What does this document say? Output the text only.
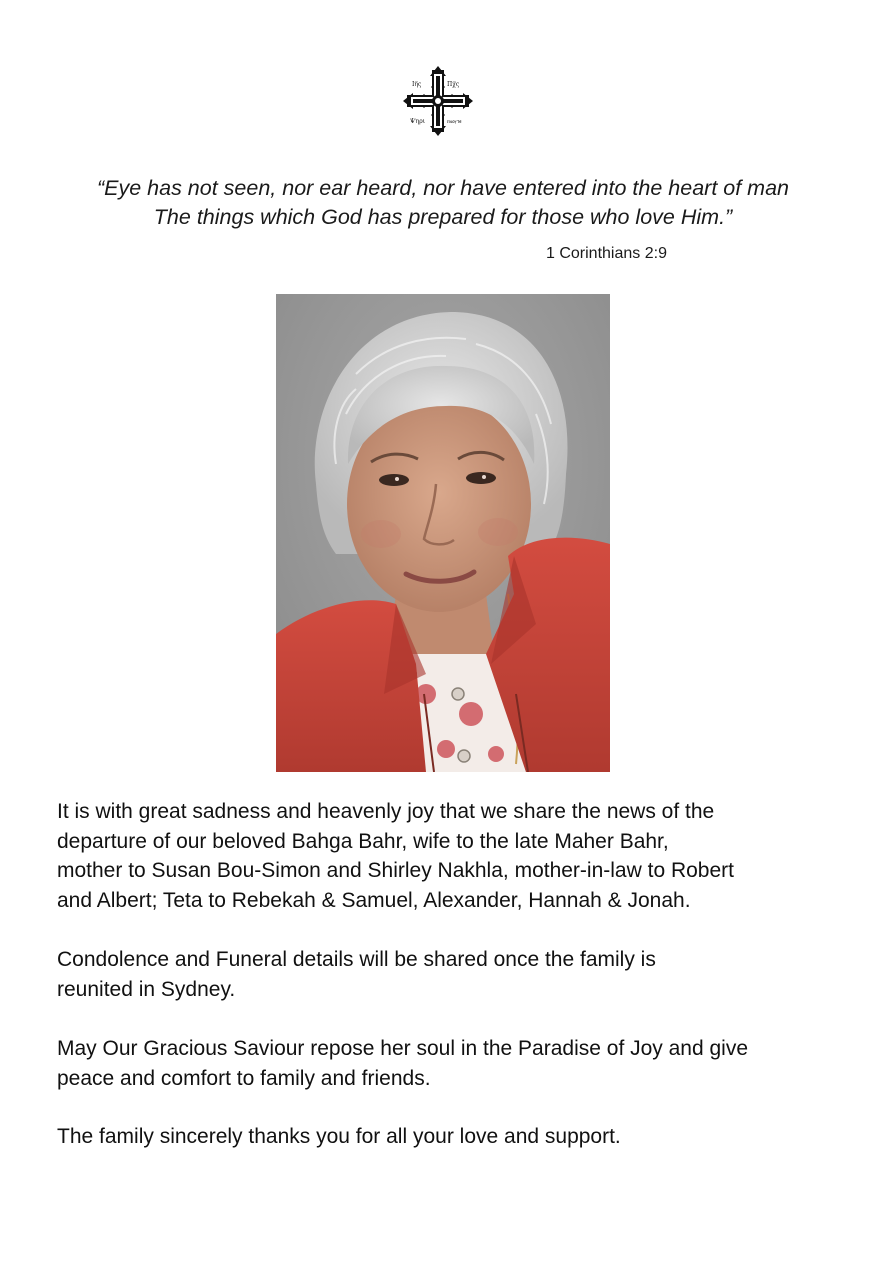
Ιη̅ς	Πχ̅ς
Ѱηρι	ⲡⲛⲟⲩⲧⲉ
“Eye has not seen, nor ear heard, nor have entered into the heart of man
The things which God has prepared for those who love Him.”
1 Corinthians 2:9
It is with great sadness and heavenly joy that we share the news of the
departure of our beloved Bahga Bahr, wife to the late Maher Bahr,
mother to Susan Bou-Simon and Shirley Nakhla, mother-in-law to Robert
and Albert; Teta to Rebekah & Samuel, Alexander, Hannah & Jonah.
Condolence and Funeral details will be shared once the family is
reunited in Sydney.
May Our Gracious Saviour repose her soul in the Paradise of Joy and give
peace and comfort to family and friends.
The family sincerely thanks you for all your love and support.
